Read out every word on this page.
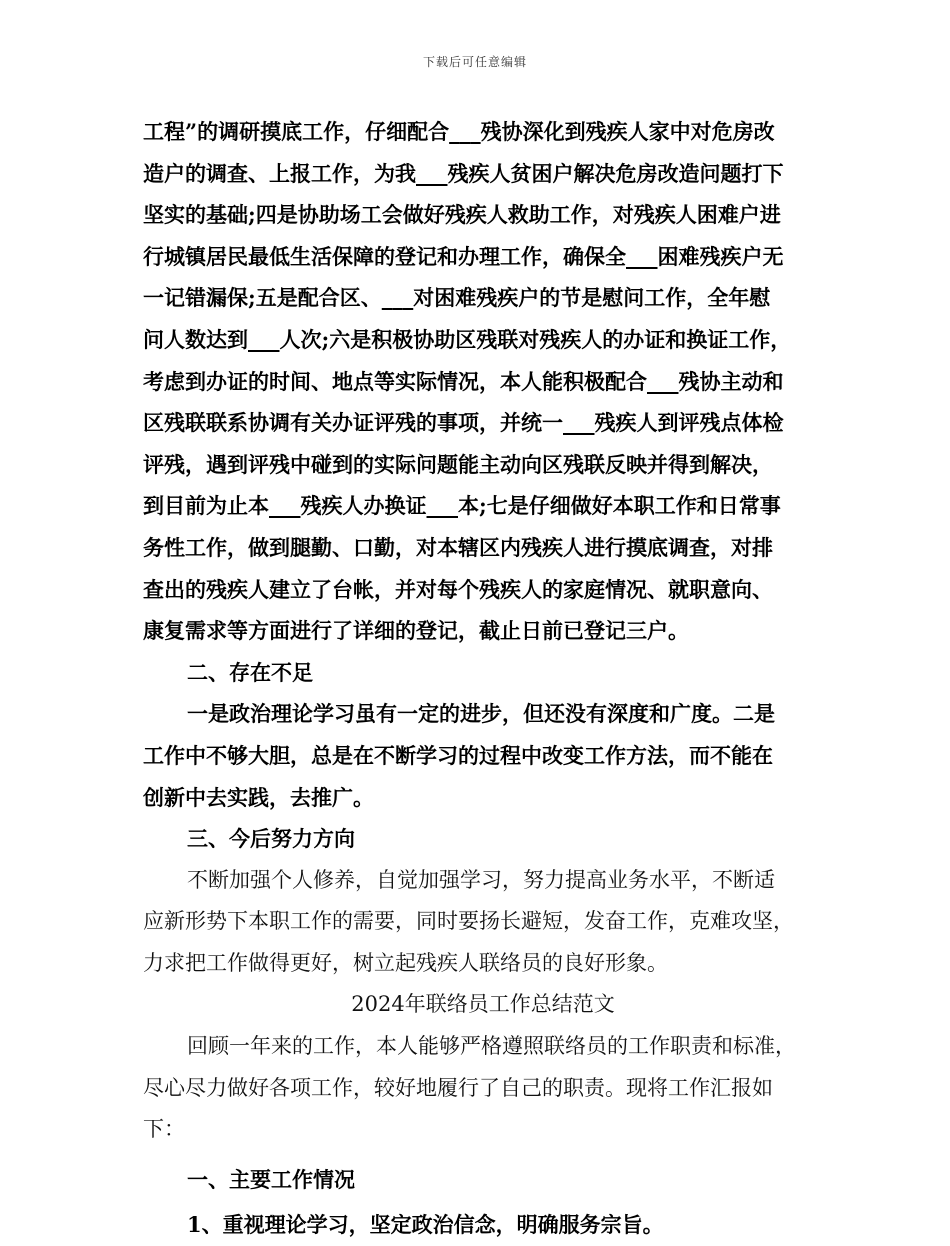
下载后可任意编辑
工程”的调研摸底工作，仔细配合___残协深化到残疾人家中对危房改
造户的调查、上报工作，为我___残疾人贫困户解决危房改造问题打下
坚实的基础;四是协助场工会做好残疾人救助工作，对残疾人困难户进
行城镇居民最低生活保障的登记和办理工作，确保全___困难残疾户无
一记错漏保;五是配合区、___对困难残疾户的节是慰问工作，全年慰
问人数达到___人次;六是积极协助区残联对残疾人的办证和换证工作，
考虑到办证的时间、地点等实际情况，本人能积极配合___残协主动和
区残联联系协调有关办证评残的事项，并统一___残疾人到评残点体检
评残，遇到评残中碰到的实际问题能主动向区残联反映并得到解决，
到目前为止本___残疾人办换证___本;七是仔细做好本职工作和日常事
务性工作，做到腿勤、口勤，对本辖区内残疾人进行摸底调查，对排
查出的残疾人建立了台帐，并对每个残疾人的家庭情况、就职意向、
康复需求等方面进行了详细的登记，截止日前已登记三户。
二、存在不足
一是政治理论学习虽有一定的进步，但还没有深度和广度。二是
工作中不够大胆，总是在不断学习的过程中改变工作方法，而不能在
创新中去实践，去推广。
三、今后努力方向
不断加强个人修养，自觉加强学习，努力提高业务水平，不断适
应新形势下本职工作的需要，同时要扬长避短，发奋工作，克难攻坚，
力求把工作做得更好，树立起残疾人联络员的良好形象。
2024年联络员工作总结范文
回顾一年来的工作，本人能够严格遵照联络员的工作职责和标准，
尽心尽力做好各项工作，较好地履行了自己的职责。现将工作汇报如
下：
一、主要工作情况
1、重视理论学习，坚定政治信念，明确服务宗旨。
